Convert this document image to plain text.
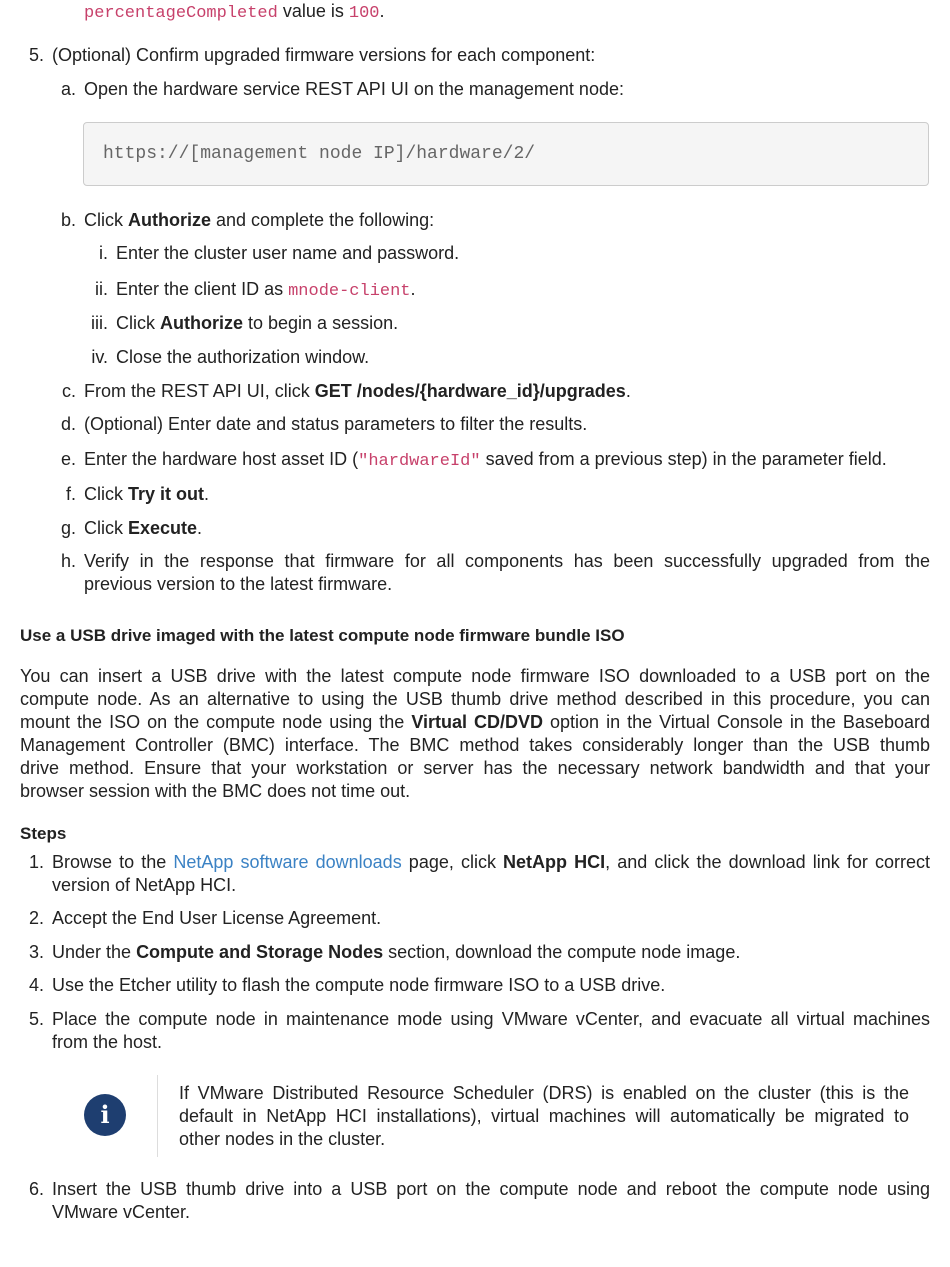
percentageCompleted value is 100.
5. (Optional) Confirm upgraded firmware versions for each component:
a. Open the hardware service REST API UI on the management node:
https://[management node IP]/hardware/2/
b. Click Authorize and complete the following:
i. Enter the cluster user name and password.
ii. Enter the client ID as mnode-client.
iii. Click Authorize to begin a session.
iv. Close the authorization window.
c. From the REST API UI, click GET /nodes/{hardware_id}/upgrades.
d. (Optional) Enter date and status parameters to filter the results.
e. Enter the hardware host asset ID ("hardwareId" saved from a previous step) in the parameter field.
f. Click Try it out.
g. Click Execute.
h. Verify in the response that firmware for all components has been successfully upgraded from the
previous version to the latest firmware.
Use a USB drive imaged with the latest compute node firmware bundle ISO
You can insert a USB drive with the latest compute node firmware ISO downloaded to a USB port on the
compute node. As an alternative to using the USB thumb drive method described in this procedure, you can
mount the ISO on the compute node using the Virtual CD/DVD option in the Virtual Console in the Baseboard
Management Controller (BMC) interface. The BMC method takes considerably longer than the USB thumb
drive method. Ensure that your workstation or server has the necessary network bandwidth and that your
browser session with the BMC does not time out.
Steps
1. Browse to the NetApp software downloads page, click NetApp HCI, and click the download link for correct
version of NetApp HCI.
2. Accept the End User License Agreement.
3. Under the Compute and Storage Nodes section, download the compute node image.
4. Use the Etcher utility to flash the compute node firmware ISO to a USB drive.
5. Place the compute node in maintenance mode using VMware vCenter, and evacuate all virtual machines
from the host.
i
If VMware Distributed Resource Scheduler (DRS) is enabled on the cluster (this is the
default in NetApp HCI installations), virtual machines will automatically be migrated to
other nodes in the cluster.
6. Insert the USB thumb drive into a USB port on the compute node and reboot the compute node using
VMware vCenter.
